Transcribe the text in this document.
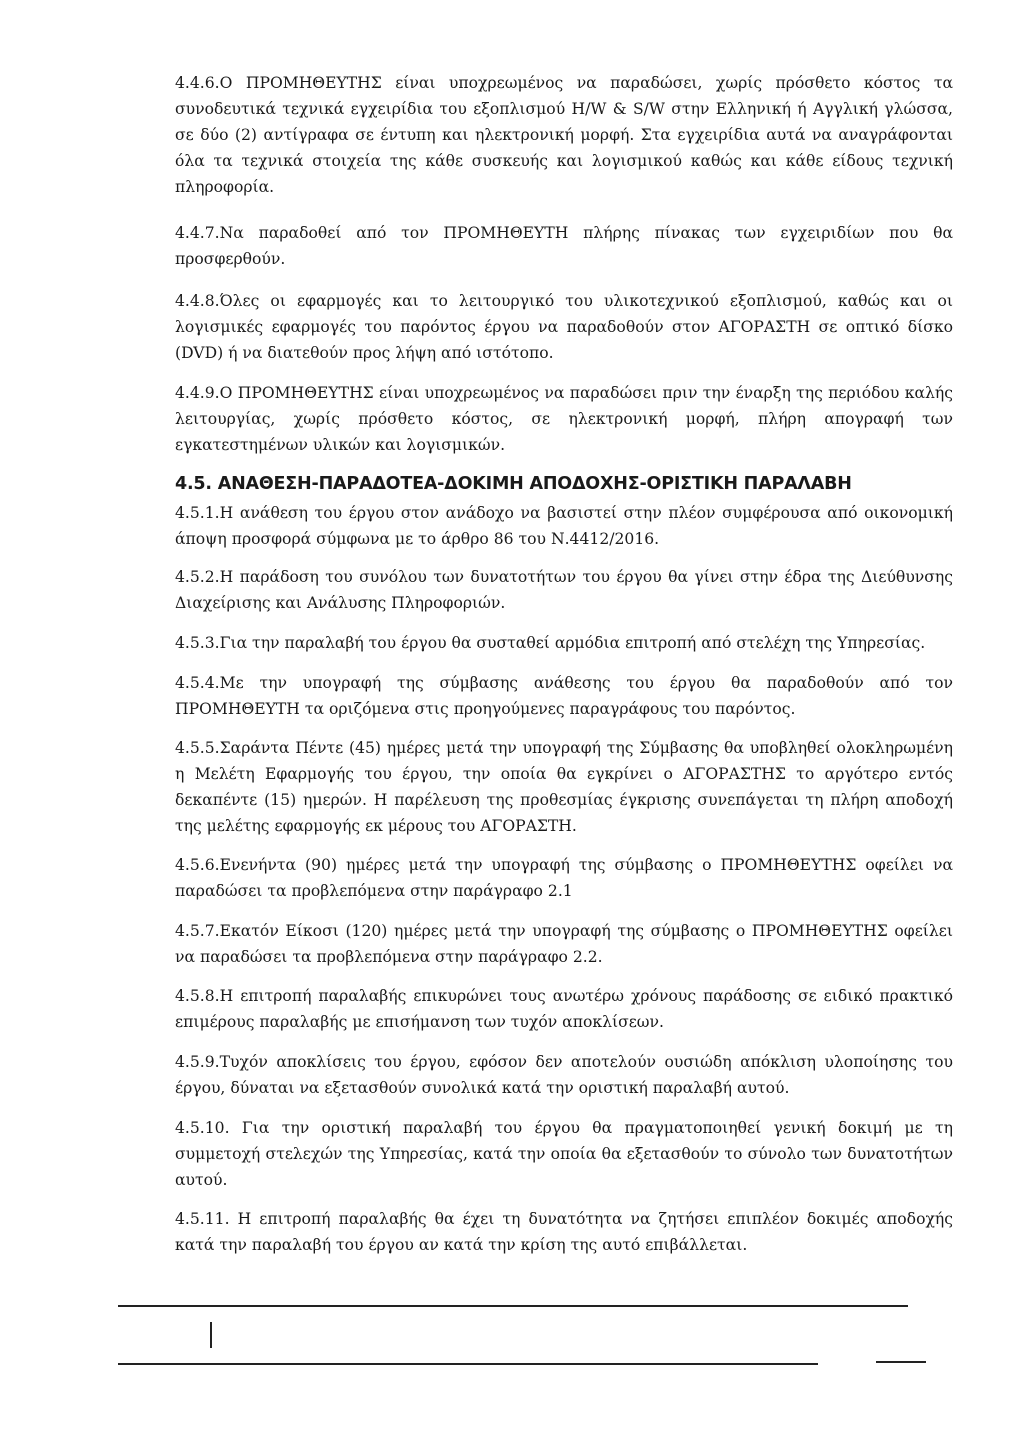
4.4.6.Ο ΠΡΟΜΗΘΕΥΤΗΣ είναι υποχρεωμένος να παραδώσει, χωρίς πρόσθετο κόστος τα συνοδευτικά τεχνικά εγχειρίδια του εξοπλισμού H/W & S/W στην Ελληνική ή Αγγλική γλώσσα, σε δύο (2) αντίγραφα σε έντυπη και ηλεκτρονική μορφή. Στα εγχειρίδια αυτά να αναγράφονται όλα τα τεχνικά στοιχεία της κάθε συσκευής και λογισμικού καθώς και κάθε είδους τεχνική πληροφορία.

4.4.7.Να παραδοθεί από τον ΠΡΟΜΗΘΕΥΤΗ πλήρης πίνακας των εγχειριδίων που θα προσφερθούν.

4.4.8.Όλες οι εφαρμογές και το λειτουργικό του υλικοτεχνικού εξοπλισμού, καθώς και οι λογισμικές εφαρμογές του παρόντος έργου να παραδοθούν στον ΑΓΟΡΑΣΤΗ σε οπτικό δίσκο (DVD) ή να διατεθούν προς λήψη από ιστότοπο.

4.4.9.Ο ΠΡΟΜΗΘΕΥΤΗΣ είναι υποχρεωμένος να παραδώσει πριν την έναρξη της περιόδου καλής λειτουργίας, χωρίς πρόσθετο κόστος, σε ηλεκτρονική μορφή, πλήρη απογραφή των εγκατεστημένων υλικών και λογισμικών.

4.5. ΑΝΑΘΕΣΗ-ΠΑΡΑΔΟΤΕΑ-ΔΟΚΙΜΗ ΑΠΟΔΟΧΗΣ-ΟΡΙΣΤΙΚΗ ΠΑΡΑΛΑΒΗ

4.5.1.Η ανάθεση του έργου στον ανάδοχο να βασιστεί στην πλέον συμφέρουσα από οικονομική άποψη προσφορά σύμφωνα με το άρθρο 86 του Ν.4412/2016.

4.5.2.Η παράδοση του συνόλου των δυνατοτήτων του έργου θα γίνει στην έδρα της Διεύθυνσης Διαχείρισης και Ανάλυσης Πληροφοριών.

4.5.3.Για την παραλαβή του έργου θα συσταθεί αρμόδια επιτροπή από στελέχη της Υπηρεσίας.

4.5.4.Με την υπογραφή της σύμβασης ανάθεσης του έργου θα παραδοθούν από τον ΠΡΟΜΗΘΕΥΤΗ τα οριζόμενα στις προηγούμενες παραγράφους του παρόντος.

4.5.5.Σαράντα Πέντε (45) ημέρες μετά την υπογραφή της Σύμβασης θα υποβληθεί ολοκληρωμένη η Μελέτη Εφαρμογής του έργου, την οποία θα εγκρίνει ο ΑΓΟΡΑΣΤΗΣ το αργότερο εντός δεκαπέντε (15) ημερών. Η παρέλευση της προθεσμίας έγκρισης συνεπάγεται τη πλήρη αποδοχή της μελέτης εφαρμογής εκ μέρους του ΑΓΟΡΑΣΤΗ.

4.5.6.Ενενήντα (90) ημέρες μετά την υπογραφή της σύμβασης ο ΠΡΟΜΗΘΕΥΤΗΣ οφείλει να παραδώσει τα προβλεπόμενα στην παράγραφο 2.1

4.5.7.Εκατόν Είκοσι (120) ημέρες μετά την υπογραφή της σύμβασης ο ΠΡΟΜΗΘΕΥΤΗΣ οφείλει να παραδώσει τα προβλεπόμενα στην παράγραφο 2.2.

4.5.8.Η επιτροπή παραλαβής επικυρώνει τους ανωτέρω χρόνους παράδοσης σε ειδικό πρακτικό επιμέρους παραλαβής με επισήμανση των τυχόν αποκλίσεων.

4.5.9.Τυχόν αποκλίσεις του έργου, εφόσον δεν αποτελούν ουσιώδη απόκλιση υλοποίησης του έργου, δύναται να εξετασθούν συνολικά κατά την οριστική παραλαβή αυτού.

4.5.10. Για την οριστική παραλαβή του έργου θα πραγματοποιηθεί γενική δοκιμή με τη συμμετοχή στελεχών της Υπηρεσίας, κατά την οποία θα εξετασθούν το σύνολο των δυνατοτήτων αυτού.

4.5.11. Η επιτροπή παραλαβής θα έχει τη δυνατότητα να ζητήσει επιπλέον δοκιμές αποδοχής κατά την παραλαβή του έργου αν κατά την κρίση της αυτό επιβάλλεται.
